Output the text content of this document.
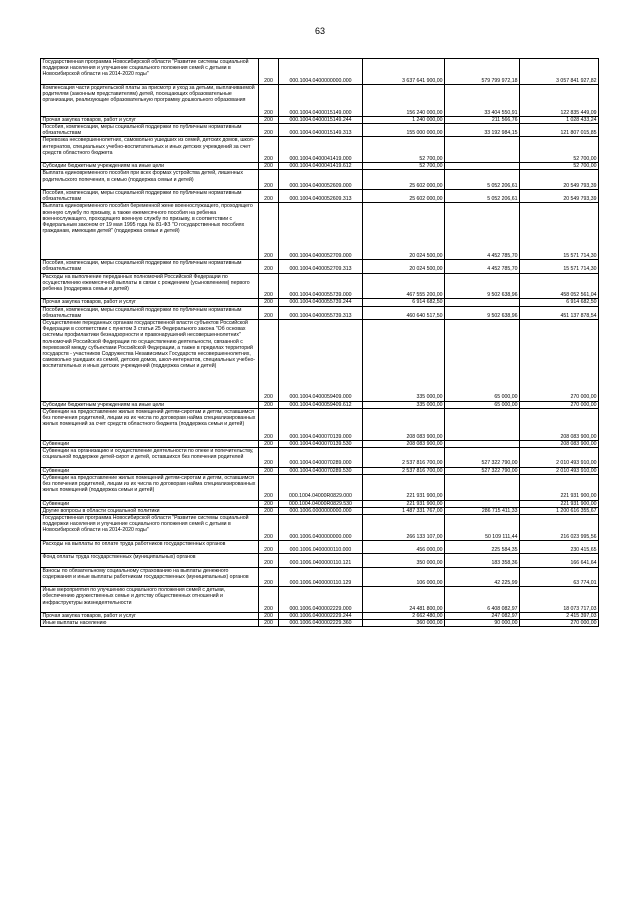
63
Государственная программа Новосибирской области "Развитие системы социальной поддержки населения и улучшение социального положения семей с детьми в Новосибирской области на 2014-2020 годы"	200	000.1004.0400000000.000	3 637 641 900,00	579 799 972,18	3 057 841 927,82
Компенсация части родительской платы за присмотр и уход за детьми, выплачиваемой родителям (законным представителям) детей, посещающих образовательные организации, реализующие образовательную программу дошкольного образования	200	000.1004.0400015149.000	156 240 000,00	33 404 550,91	122 835 449,09
Прочая закупка товаров, работ и услуг	200	000.1004.0400015149.244	1 240 000,00	211 566,76	1 028 433,24
Пособия, компенсации, меры социальной поддержки по публичным нормативным обязательствам	200	000.1004.0400015149.313	155 000 000,00	33 192 984,15	121 807 015,85
Перевозка несовершеннолетних, самовольно ушедших из семей, детских домов, школ-интернатов, специальных учебно-воспитательных и иных детских учреждений за счет средств областного бюджета	200	000.1004.0400041419.000	52 700,00		52 700,00
Субсидии бюджетным учреждениям на иные цели	200	000.1004.0400041419.612	52 700,00		52 700,00
Выплата единовременного пособия при всех формах устройства детей, лишенных родительского попечения, в семью (поддержка семьи и детей)	200	000.1004.0400052609.000	25 602 000,00	5 052 206,61	20 549 793,39
Пособия, компенсации, меры социальной поддержки по публичным нормативным обязательствам	200	000.1004.0400052609.313	25 602 000,00	5 052 206,61	20 549 793,39
Выплата единовременного пособия беременной жене военнослужащего, проходящего военную службу по призыву, а также ежемесячного пособия на ребенка военнослужащего, проходящего военную службу по призыву, в соответствии с Федеральным законом от 19 мая 1995 года № 81-ФЗ "О государственных пособиях гражданам, имеющим детей" (поддержка семьи и детей)	200	000.1004.0400052709.000	20 024 500,00	4 452 785,70	15 571 714,30
Пособия, компенсации, меры социальной поддержки по публичным нормативным обязательствам	200	000.1004.0400052709.313	20 024 500,00	4 452 785,70	15 571 714,30
Расходы на выполнение переданных полномочий Российской Федерации по осуществлению ежемесячной выплаты в связи с рождением (усыновлением) первого ребенка (поддержка семьи и детей)	200	000.1004.0400055739.000	467 555 200,00	9 502 638,96	458 052 561,04
Прочая закупка товаров, работ и услуг	200	000.1004.0400055739.244	6 914 682,50		6 914 682,50
Пособия, компенсации, меры социальной поддержки по публичным нормативным обязательствам	200	000.1004.0400055739.313	460 640 517,50	9 502 638,96	451 137 878,54
Осуществление переданных органам государственной власти субъектов Российской Федерации в соответствии с пунктом 3 статьи 25 Федерального закона "Об основах системы профилактики безнадзорности и правонарушений несовершеннолетних" полномочий Российской Федерации по осуществлению деятельности, связанной с перевозкой между субъектами Российской Федерации, а также в пределах территорий государств - участников Содружества Независимых Государств несовершеннолетних, самовольно ушедших из семей, детских домов, школ-интернатов, специальных учебно-воспитательных и иных детских учреждений (поддержка семьи и детей)	200	000.1004.0400059409.000	335 000,00	65 000,00	270 000,00
Субсидии бюджетным учреждениям на иные цели	200	000.1004.0400059409.612	335 000,00	65 000,00	270 000,00
Субвенции на предоставление жилых помещений детям-сиротам и детям, оставшимся без попечения родителей, лицам из их числа по договорам найма специализированных жилых помещений за счет средств областного бюджета (поддержка семьи и детей)	200	000.1004.0400070139.000	208 083 900,00		208 083 900,00
Субвенции	200	000.1004.0400070139.530	208 083 900,00		208 083 900,00
Субвенции на организацию и осуществление деятельности по опеке и попечительству, социальной поддержке детей-сирот и детей, оставшихся без попечения родителей	200	000.1004.0400070289.000	2 537 816 700,00	527 322 790,00	2 010 493 910,00
Субвенции	200	000.1004.0400070289.530	2 537 816 700,00	527 322 790,00	2 010 493 910,00
Субвенции на предоставление жилых помещений детям-сиротам и детям, оставшимся без попечения родителей, лицам из их числа по договорам найма специализированных жилых помещений (поддержка семьи и детей)	200	000.1004.04000R0829.000	221 931 900,00		221 931 900,00
Субвенции	200	000.1004.04000R0829.530	221 931 900,00		221 931 900,00
Другие вопросы в области социальной политики	200	000.1006.0000000000.000	1 487 331 767,00	286 715 411,33	1 200 616 355,67
Государственная программа Новосибирской области "Развитие системы социальной поддержки населения и улучшение социального положения семей с детьми в Новосибирской области на 2014-2020 годы"	200	000.1006.0400000000.000	266 133 107,00	50 109 111,44	216 023 995,56
Расходы на выплаты по оплате труда работников государственных органов	200	000.1006.0400000110.000	456 000,00	225 584,35	230 415,65
Фонд оплаты труда государственных (муниципальных) органов	200	000.1006.0400000110.121	350 000,00	183 358,36	166 641,64
Взносы по обязательному социальному страхованию на выплаты денежного содержания и иные выплаты работникам государственных (муниципальных) органов	200	000.1006.0400000110.129	106 000,00	42 225,99	63 774,01
Иные мероприятия по улучшению социального положения семей с детьми, обеспечению дружественных семье и детству общественных отношений и инфраструктуры жизнедеятельности	200	000.1006.0400002229.000	24 481 800,00	6 408 082,97	18 073 717,03
Прочая закупка товаров, работ и услуг	200	000.1006.0400002229.244	2 662 480,00	247 082,97	2 415 397,03
Иные выплаты населению	200	000.1006.0400002229.360	360 000,00	90 000,00	270 000,00
